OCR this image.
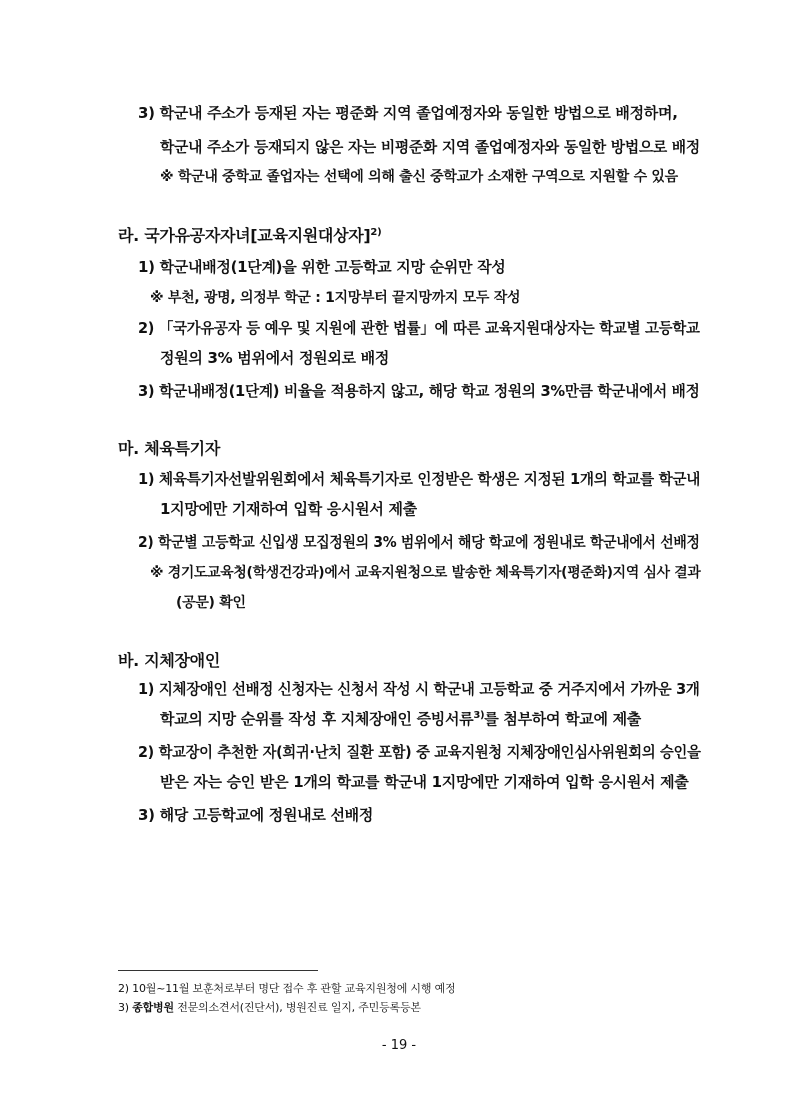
3) 학군내 주소가 등재된 자는 평준화 지역 졸업예정자와 동일한 방법으로 배정하며,
학군내 주소가 등재되지 않은 자는 비평준화 지역 졸업예정자와 동일한 방법으로 배정
※ 학군내 중학교 졸업자는 선택에 의해 출신 중학교가 소재한 구역으로 지원할 수 있음
라. 국가유공자자녀[교육지원대상자]$^{2)}$
1) 학군내배정(1단계)을 위한 고등학교 지망 순위만 작성
※ 부천, 광명, 의정부 학군 : 1지망부터 끝지망까지 모두 작성
2) 「국가유공자 등 예우 및 지원에 관한 법률」에 따른 교육지원대상자는 학교별 고등학교
정원의 3% 범위에서 정원외로 배정
3) 학군내배정(1단계) 비율을 적용하지 않고, 해당 학교 정원의 3%만큼 학군내에서 배정
마. 체육특기자
1) 체육특기자선발위원회에서 체육특기자로 인정받은 학생은 지정된 1개의 학교를 학군내
1지망에만 기재하여 입학 응시원서 제출
2) 학군별 고등학교 신입생 모집정원의 3% 범위에서 해당 학교에 정원내로 학군내에서 선배정
※ 경기도교육청(학생건강과)에서 교육지원청으로 발송한 체육특기자(평준화)지역 심사 결과
(공문) 확인
바. 지체장애인
1) 지체장애인 선배정 신청자는 신청서 작성 시 학군내 고등학교 중 거주지에서 가까운 3개
학교의 지망 순위를 작성 후 지체장애인 증빙서류$^{3)}$를 첨부하여 학교에 제출
2) 학교장이 추천한 자(희귀·난치 질환 포함) 중 교육지원청 지체장애인심사위원회의 승인을
받은 자는 승인 받은 1개의 학교를 학군내 1지망에만 기재하여 입학 응시원서 제출
3) 해당 고등학교에 정원내로 선배정
2) 10월~11월 보훈처로부터 명단 접수 후 관할 교육지원청에 시행 예정
3) 종합병원 전문의소견서(진단서), 병원진료 일지, 주민등록등본
- 19 -
